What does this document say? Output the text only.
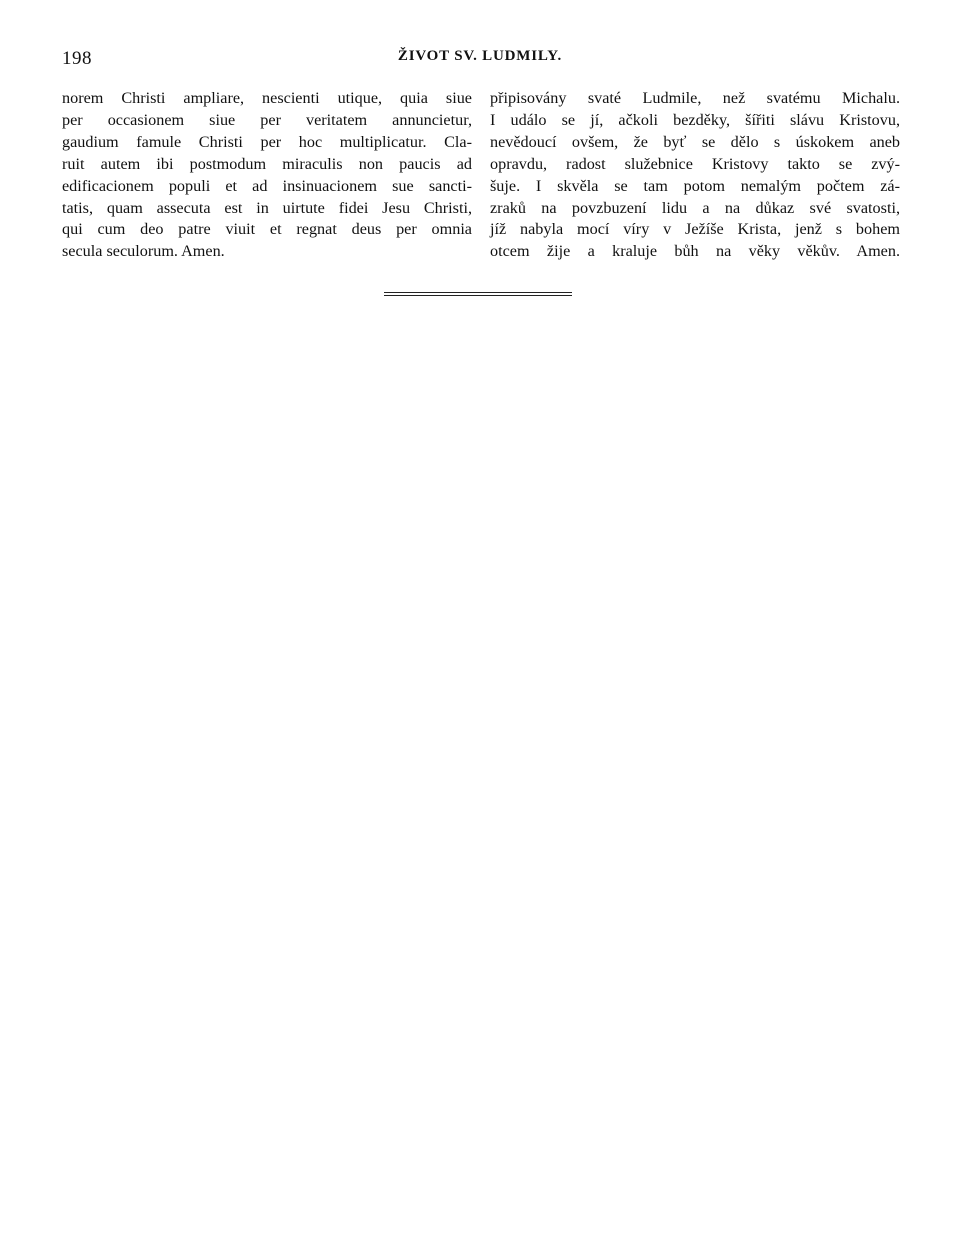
198	ŽIVOT SV. LUDMILY.
norem Christi ampliare, nescienti utique, quia siue
per occasionem siue per veritatem annuncietur,
gaudium famule Christi per hoc multiplicatur. Cla-
ruit autem ibi postmodum miraculis non paucis ad
edificacionem populi et ad insinuacionem sue sancti-
tatis, quam assecuta est in uirtute fidei Jesu Christi,
qui cum deo patre viuit et regnat deus per omnia
secula seculorum. Amen.
připisovány svaté Ludmile, než svatému Michalu.
I událo se jí, ačkoli bezděky, šířiti slávu Kristovu,
nevědoucí ovšem, že byť se dělo s úskokem aneb
opravdu, radost služebnice Kristovy takto se zvý-
šuje. I skvěla se tam potom nemalým počtem zá-
zraků na povzbuzení lidu a na důkaz své svatosti,
jíž nabyla mocí víry v Ježíše Krista, jenž s bohem
otcem žije a kraluje bůh na věky věkův. Amen.
